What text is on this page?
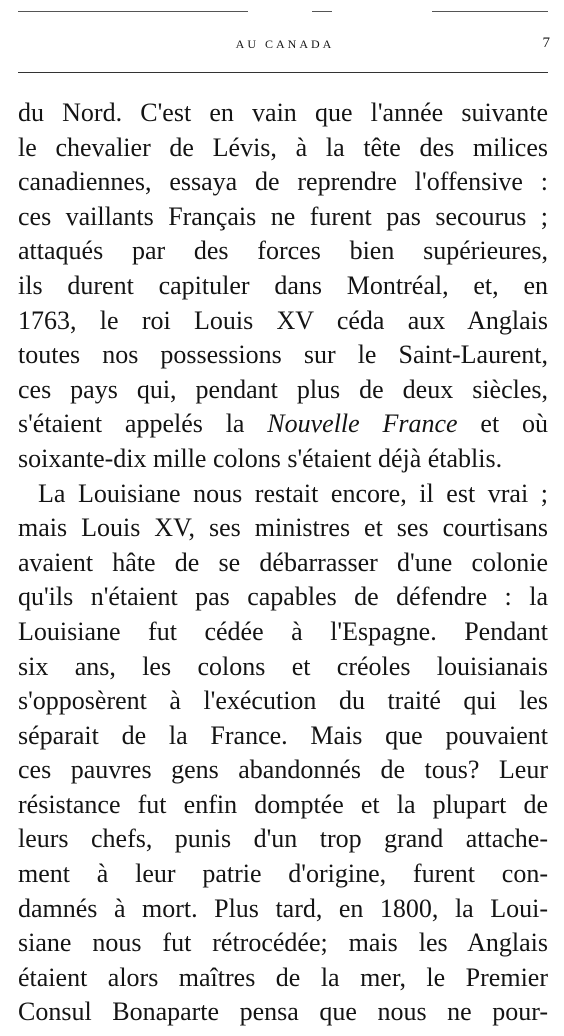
AU CANADA	7
du Nord. C'est en vain que l'année suivante
le chevalier de Lévis, à la tête des milices
canadiennes, essaya de reprendre l'offensive :
ces vaillants Français ne furent pas secourus ;
attaqués par des forces bien supérieures,
ils durent capituler dans Montréal, et, en
1763, le roi Louis XV céda aux Anglais
toutes nos possessions sur le Saint-Laurent,
ces pays qui, pendant plus de deux siècles,
s'étaient appelés la Nouvelle France et où
soixante-dix mille colons s'étaient déjà établis.
La Louisiane nous restait encore, il est vrai ;
mais Louis XV, ses ministres et ses courtisans
avaient hâte de se débarrasser d'une colonie
qu'ils n'étaient pas capables de défendre : la
Louisiane fut cédée à l'Espagne. Pendant
six ans, les colons et créoles louisianais
s'opposèrent à l'exécution du traité qui les
séparait de la France. Mais que pouvaient
ces pauvres gens abandonnés de tous? Leur
résistance fut enfin domptée et la plupart de
leurs chefs, punis d'un trop grand attache-
ment à leur patrie d'origine, furent con-
damnés à mort. Plus tard, en 1800, la Loui-
siane nous fut rétrocédée; mais les Anglais
étaient alors maîtres de la mer, le Premier
Consul Bonaparte pensa que nous ne pour-
